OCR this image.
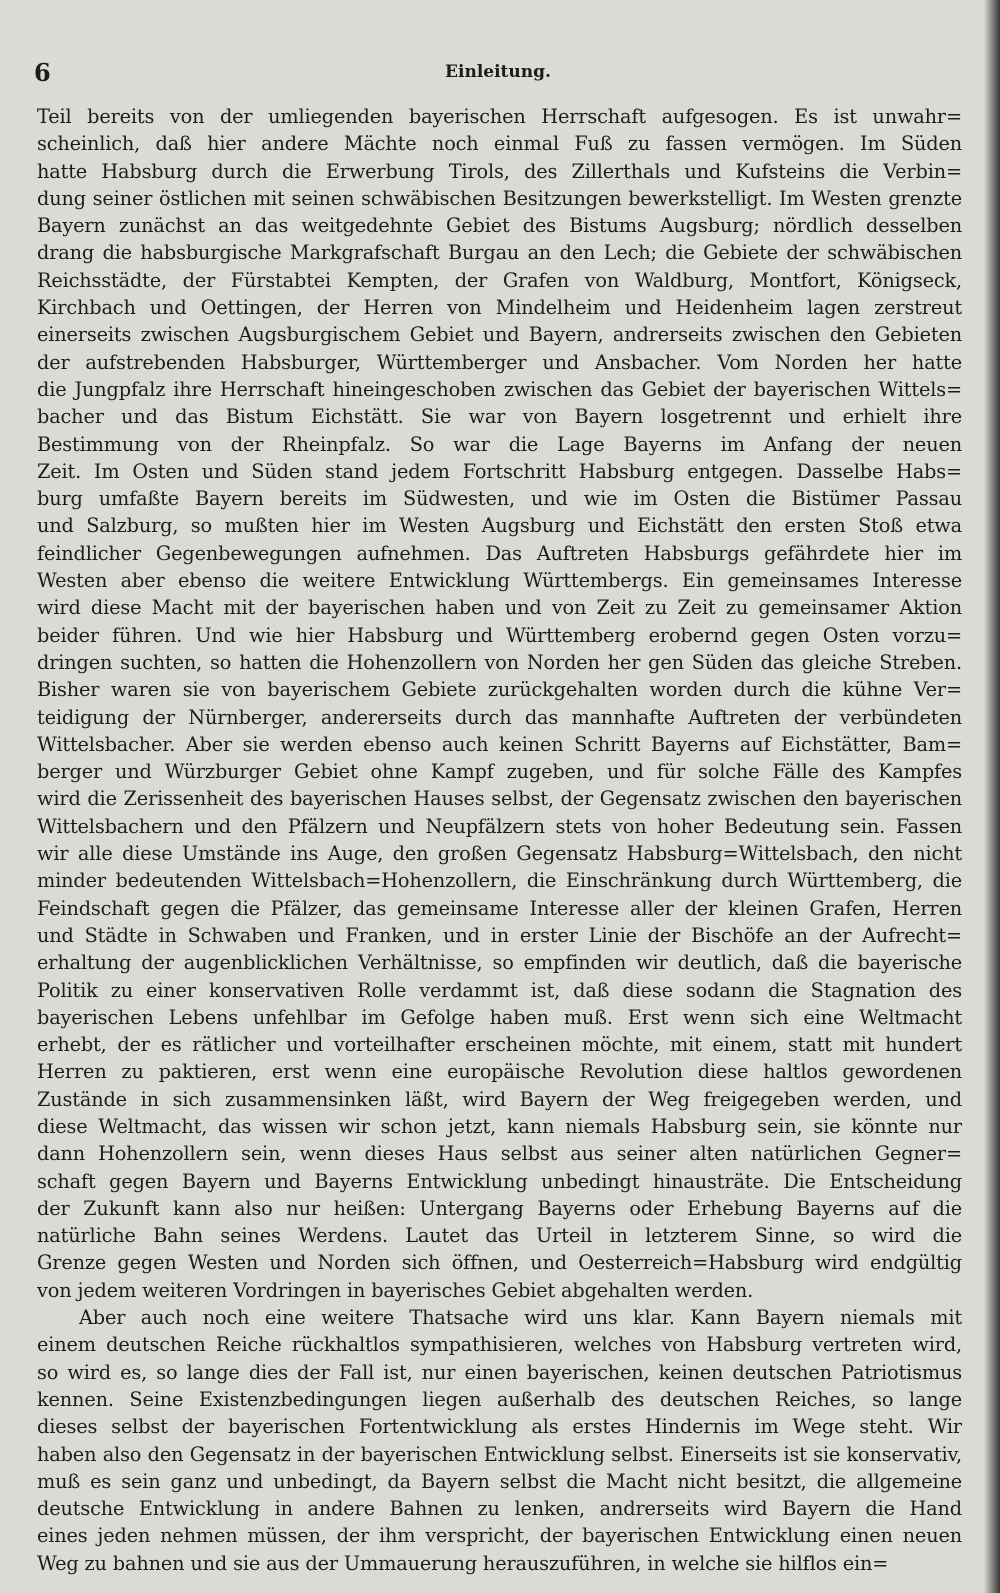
6	Einleitung.
Teil bereits von der umliegenden bayerischen Herrschaft aufgesogen. Es ist unwahr=
scheinlich, daß hier andere Mächte noch einmal Fuß zu fassen vermögen. Im Süden
hatte Habsburg durch die Erwerbung Tirols, des Zillerthals und Kufsteins die Verbin=
dung seiner östlichen mit seinen schwäbischen Besitzungen bewerkstelligt. Im Westen grenzte
Bayern zunächst an das weitgedehnte Gebiet des Bistums Augsburg; nördlich desselben
drang die habsburgische Markgrafschaft Burgau an den Lech; die Gebiete der schwäbischen
Reichsstädte, der Fürstabtei Kempten, der Grafen von Waldburg, Montfort, Königseck,
Kirchbach und Oettingen, der Herren von Mindelheim und Heidenheim lagen zerstreut
einerseits zwischen Augsburgischem Gebiet und Bayern, andrerseits zwischen den Gebieten
der aufstrebenden Habsburger, Württemberger und Ansbacher. Vom Norden her hatte
die Jungpfalz ihre Herrschaft hineingeschoben zwischen das Gebiet der bayerischen Wittels=
bacher und das Bistum Eichstätt. Sie war von Bayern losgetrennt und erhielt ihre
Bestimmung von der Rheinpfalz. So war die Lage Bayerns im Anfang der neuen
Zeit. Im Osten und Süden stand jedem Fortschritt Habsburg entgegen. Dasselbe Habs=
burg umfaßte Bayern bereits im Südwesten, und wie im Osten die Bistümer Passau
und Salzburg, so mußten hier im Westen Augsburg und Eichstätt den ersten Stoß etwa
feindlicher Gegenbewegungen aufnehmen. Das Auftreten Habsburgs gefährdete hier im
Westen aber ebenso die weitere Entwicklung Württembergs. Ein gemeinsames Interesse
wird diese Macht mit der bayerischen haben und von Zeit zu Zeit zu gemeinsamer Aktion
beider führen. Und wie hier Habsburg und Württemberg erobernd gegen Osten vorzu=
dringen suchten, so hatten die Hohenzollern von Norden her gen Süden das gleiche Streben.
Bisher waren sie von bayerischem Gebiete zurückgehalten worden durch die kühne Ver=
teidigung der Nürnberger, andererseits durch das mannhafte Auftreten der verbündeten
Wittelsbacher. Aber sie werden ebenso auch keinen Schritt Bayerns auf Eichstätter, Bam=
berger und Würzburger Gebiet ohne Kampf zugeben, und für solche Fälle des Kampfes
wird die Zerissenheit des bayerischen Hauses selbst, der Gegensatz zwischen den bayerischen
Wittelsbachern und den Pfälzern und Neupfälzern stets von hoher Bedeutung sein. Fassen
wir alle diese Umstände ins Auge, den großen Gegensatz Habsburg=Wittelsbach, den nicht
minder bedeutenden Wittelsbach=Hohenzollern, die Einschränkung durch Württemberg, die
Feindschaft gegen die Pfälzer, das gemeinsame Interesse aller der kleinen Grafen, Herren
und Städte in Schwaben und Franken, und in erster Linie der Bischöfe an der Aufrecht=
erhaltung der augenblicklichen Verhältnisse, so empfinden wir deutlich, daß die bayerische
Politik zu einer konservativen Rolle verdammt ist, daß diese sodann die Stagnation des
bayerischen Lebens unfehlbar im Gefolge haben muß. Erst wenn sich eine Weltmacht
erhebt, der es rätlicher und vorteilhafter erscheinen möchte, mit einem, statt mit hundert
Herren zu paktieren, erst wenn eine europäische Revolution diese haltlos gewordenen
Zustände in sich zusammensinken läßt, wird Bayern der Weg freigegeben werden, und
diese Weltmacht, das wissen wir schon jetzt, kann niemals Habsburg sein, sie könnte nur
dann Hohenzollern sein, wenn dieses Haus selbst aus seiner alten natürlichen Gegner=
schaft gegen Bayern und Bayerns Entwicklung unbedingt hinausträte. Die Entscheidung
der Zukunft kann also nur heißen: Untergang Bayerns oder Erhebung Bayerns auf die
natürliche Bahn seines Werdens. Lautet das Urteil in letzterem Sinne, so wird die
Grenze gegen Westen und Norden sich öffnen, und Oesterreich=Habsburg wird endgültig
von jedem weiteren Vordringen in bayerisches Gebiet abgehalten werden.
Aber auch noch eine weitere Thatsache wird uns klar. Kann Bayern niemals mit
einem deutschen Reiche rückhaltlos sympathisieren, welches von Habsburg vertreten wird,
so wird es, so lange dies der Fall ist, nur einen bayerischen, keinen deutschen Patriotismus
kennen. Seine Existenzbedingungen liegen außerhalb des deutschen Reiches, so lange
dieses selbst der bayerischen Fortentwicklung als erstes Hindernis im Wege steht. Wir
haben also den Gegensatz in der bayerischen Entwicklung selbst. Einerseits ist sie konservativ,
muß es sein ganz und unbedingt, da Bayern selbst die Macht nicht besitzt, die allgemeine
deutsche Entwicklung in andere Bahnen zu lenken, andrerseits wird Bayern die Hand
eines jeden nehmen müssen, der ihm verspricht, der bayerischen Entwicklung einen neuen
Weg zu bahnen und sie aus der Ummauerung herauszuführen, in welche sie hilflos ein=
